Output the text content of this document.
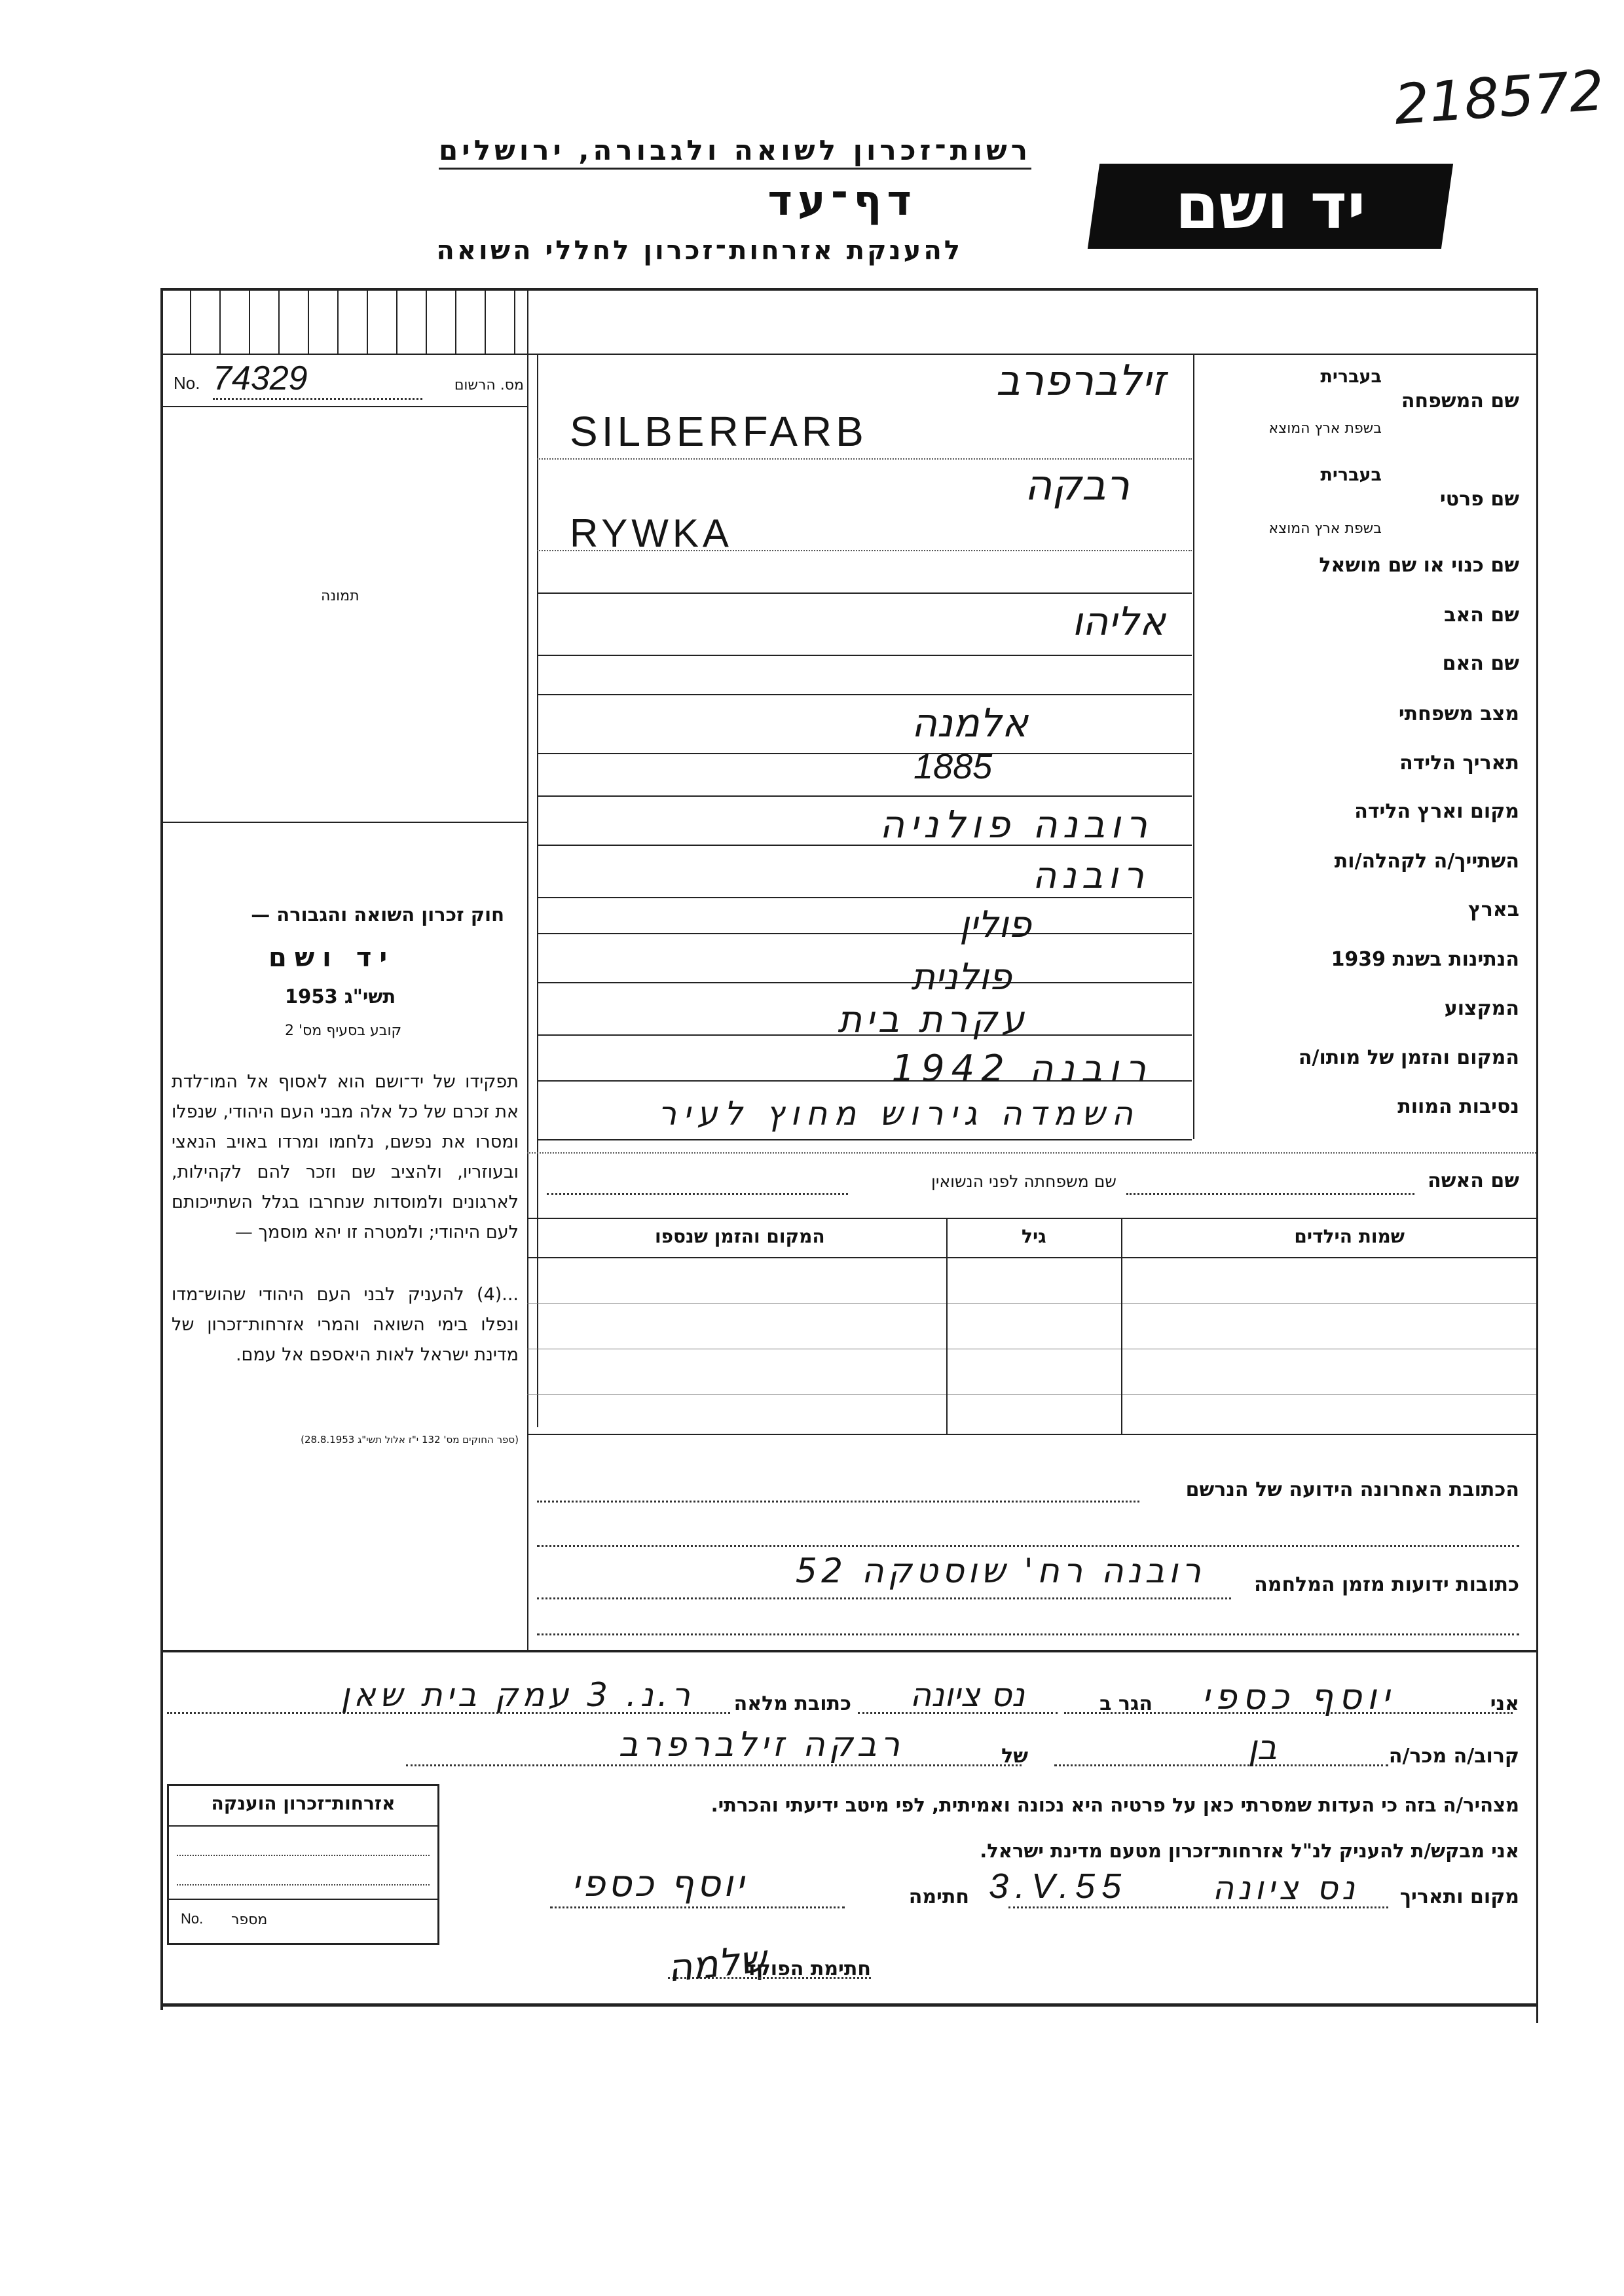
218572
רשות־זכרון לשואה ולגבורה, ירושלים
דף־עד
להענקת אזרחות־זכרון לחללי השואה
יד ושם
No. 74329	מס. הרשום
תמונה
חוק זכרון השואה והגבורה —
יד ושם
תשי"ג 1953
קובע בסעיף מס' 2
תפקידו של יד־ושם הוא לאסוף אל המו־לדת את זכרם של כל אלה מבני העם היהודי, שנפלו ומסרו את נפשם, נלחמו ומרדו באויב הנאצי ובעוזריו, ולהציב שם וזכר להם לקהילות, לארגונים ולמוסדות שנחרבו בגלל השתייכותם לעם היהודי; ולמטרה זו יהא מוסמך —
...(4) להעניק לבני העם היהודי שהוש־מדו ונפלו בימי השואה והמרי אזרחות־זכרון של מדינת ישראל לאות היאספם אל עמם.
(ספר החוקים מס' 132 י"ז אלול תשי"ג 28.8.1953)
שם המשפחה
בעברית
בשפת ארץ המוצא
שם פרטי
בעברית
בשפת ארץ המוצא
שם כנוי או שם מושאל
שם האב
שם האם
מצב משפחתי
תאריך הלידה
מקום וארץ הלידה
השתייך/ה לקהלה/ות
בארץ
הנתינות בשנת 1939
המקצוע
המקום והזמן של מותו/ה
נסיבות המוות
זילברפרב
SILBERFARB
רבקה
RYWKA
אליהו
אלמנה
1885
רובנה פולניה
רובנה
פולין
פולנית
עקרת בית
רובנה 1942
השמדה גירוש מחוץ לעיר
שם האשה
שם משפחתה לפני הנשואין
שמות הילדים
גיל
המקום והזמן שנספו
הכתובת האחרונה הידועה של הנרשם
כתובות ידועות מזמן המלחמה
רובנה רח' שוסטקה 52
אני
יוסף כספי
הגר ב
נס ציונה
כתובת מלאה
ר.נ. 3 עמק בית שאן
קרוב/ה מכר/ה
בן
של
רבקה זילברפרב
מצהיר/ה בזה כי העדות שמסרתי כאן על פרטיה היא נכונה ואמיתית, לפי מיטב ידיעתי והכרתי.
אני מבקש/ת להעניק לנ"ל אזרחות־זכרון מטעם מדינת ישראל.
מקום ותאריך
נס ציונה
3.V.55
חתימה
יוסף כספי
חתימת הפוקד
שלמה
אזרחות־זכרון הוענקה
No. מספר
